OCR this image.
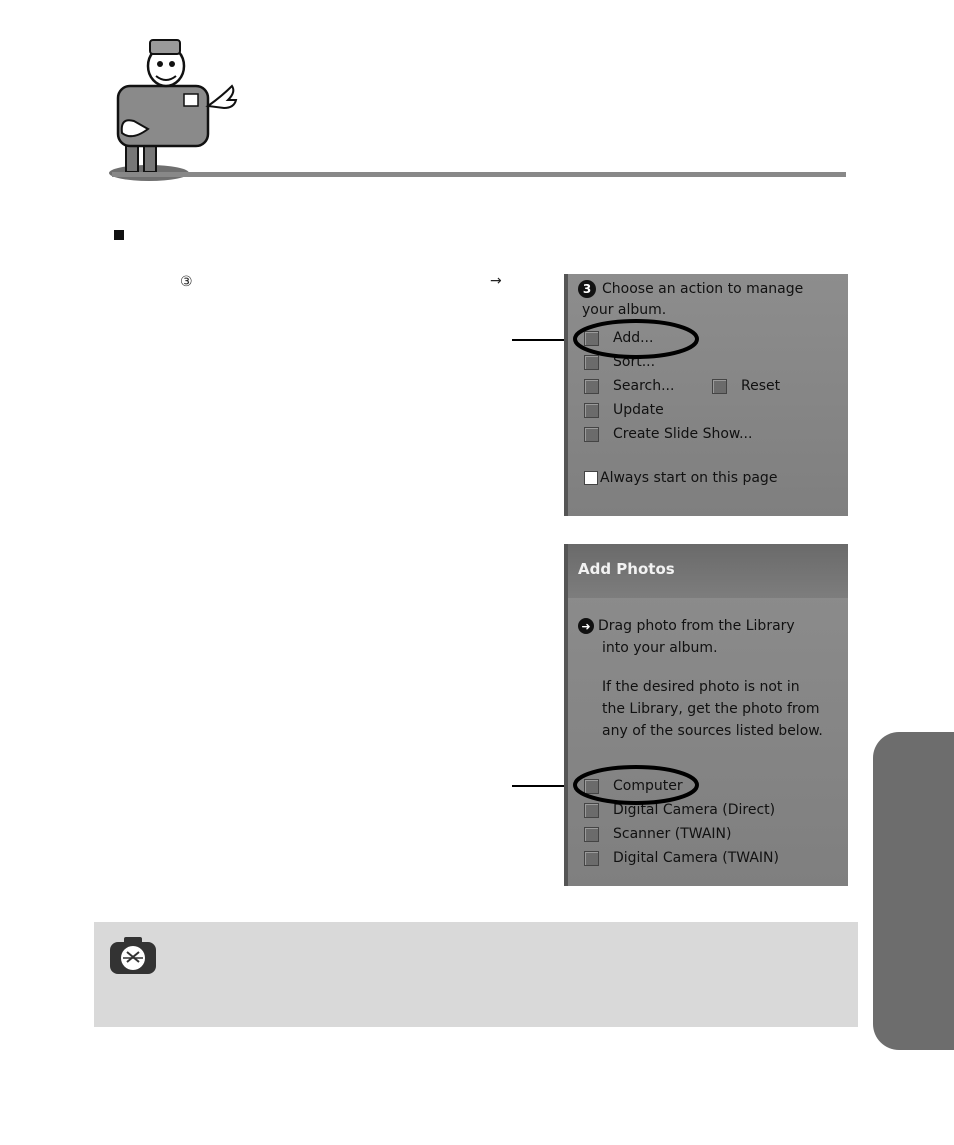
③	→	3 Choose an action to manage
your album.
Add...
Sort...
Search...	Reset
Update
Create Slide Show...
Always start on this page
Add Photos
➜ Drag photo from the Library
into your album.
If the desired photo is not in
the Library, get the photo from
any of the sources listed below.
Computer
Digital Camera (Direct)
Scanner (TWAIN)
Digital Camera (TWAIN)
